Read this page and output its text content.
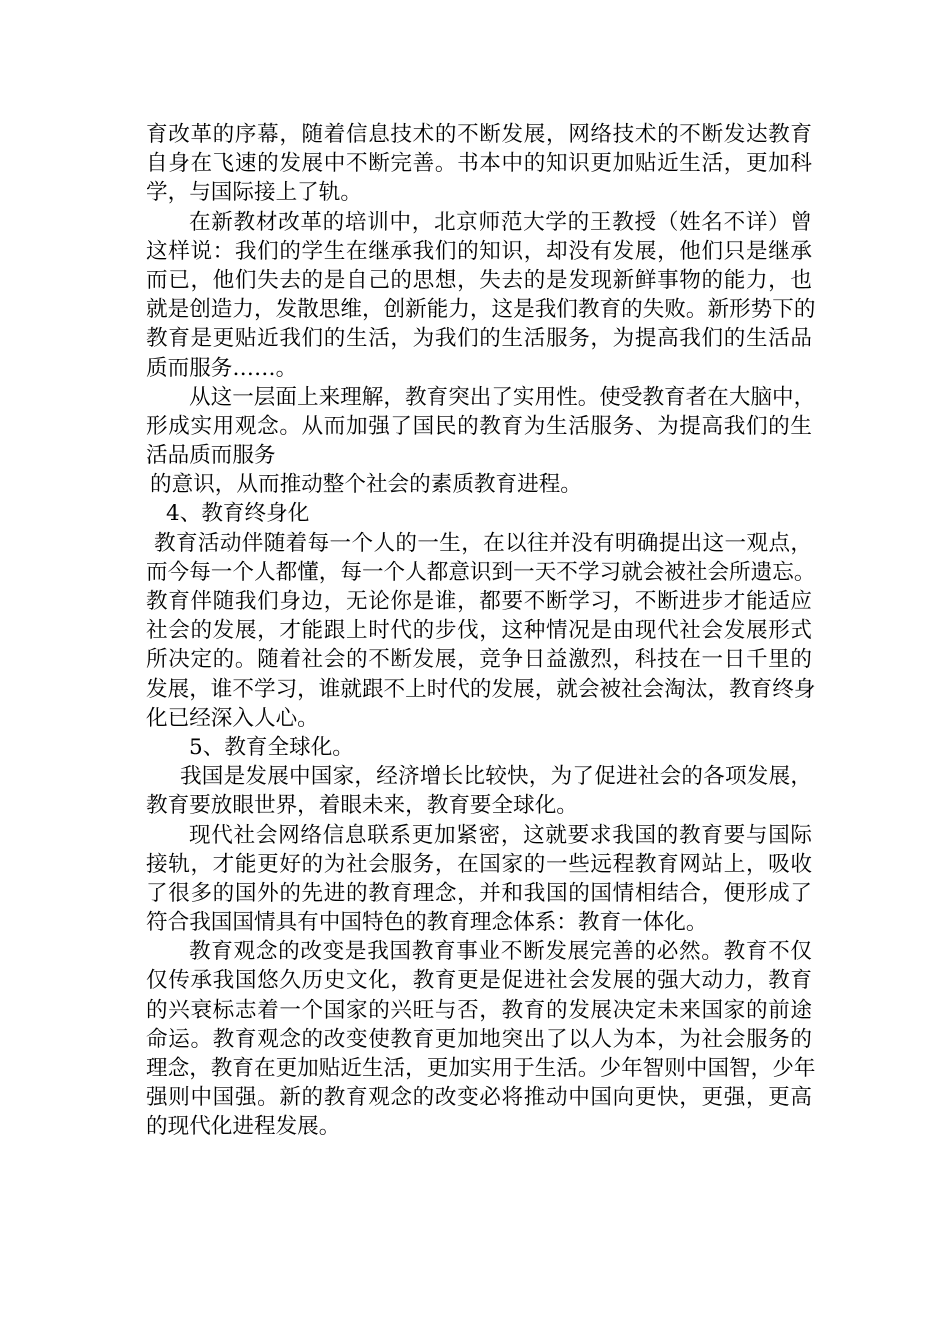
育改革的序幕，随着信息技术的不断发展，网络技术的不断发达教育
自身在飞速的发展中不断完善。书本中的知识更加贴近生活，更加科
学，与国际接上了轨。
在新教材改革的培训中，北京师范大学的王教授（姓名不详）曾
这样说：我们的学生在继承我们的知识，却没有发展，他们只是继承
而已，他们失去的是自己的思想，失去的是发现新鲜事物的能力，也
就是创造力，发散思维，创新能力，这是我们教育的失败。新形势下的
教育是更贴近我们的生活，为我们的生活服务，为提高我们的生活品
质而服务……。
从这一层面上来理解，教育突出了实用性。使受教育者在大脑中，
形成实用观念。从而加强了国民的教育为生活服务、为提高我们的生
活品质而服务
的意识，从而推动整个社会的素质教育进程。
4、教育终身化
教育活动伴随着每一个人的一生，在以往并没有明确提出这一观点，
而今每一个人都懂，每一个人都意识到一天不学习就会被社会所遗忘。
教育伴随我们身边，无论你是谁，都要不断学习，不断进步才能适应
社会的发展，才能跟上时代的步伐，这种情况是由现代社会发展形式
所决定的。随着社会的不断发展，竞争日益激烈，科技在一日千里的
发展，谁不学习，谁就跟不上时代的发展，就会被社会淘汰，教育终身
化已经深入人心。
5、教育全球化。
我国是发展中国家，经济增长比较快，为了促进社会的各项发展，
教育要放眼世界，着眼未来，教育要全球化。
现代社会网络信息联系更加紧密，这就要求我国的教育要与国际
接轨，才能更好的为社会服务，在国家的一些远程教育网站上，吸收
了很多的国外的先进的教育理念，并和我国的国情相结合，便形成了
符合我国国情具有中国特色的教育理念体系：教育一体化。
教育观念的改变是我国教育事业不断发展完善的必然。教育不仅
仅传承我国悠久历史文化，教育更是促进社会发展的强大动力，教育
的兴衰标志着一个国家的兴旺与否，教育的发展决定未来国家的前途
命运。教育观念的改变使教育更加地突出了以人为本，为社会服务的
理念，教育在更加贴近生活，更加实用于生活。少年智则中国智，少年
强则中国强。新的教育观念的改变必将推动中国向更快，更强，更高
的现代化进程发展。
